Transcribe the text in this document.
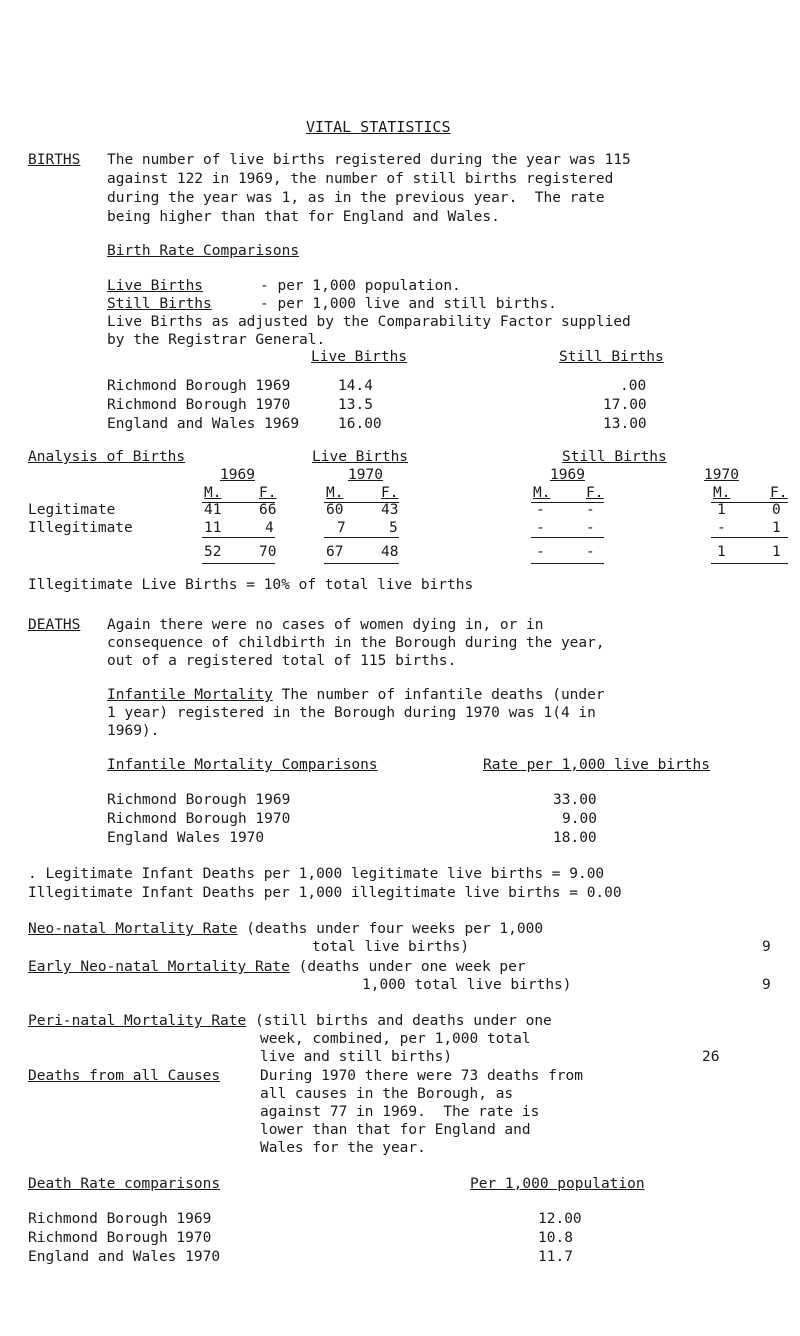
VITAL STATISTICS
BIRTHS The number of live births registered during the year was 115
against 122 in 1969, the number of still births registered
during the year was 1, as in the previous year.  The rate
being higher than that for England and Wales.
Birth Rate Comparisons
Live Births	- per 1,000 population.
Still Births	- per 1,000 live and still births.
Live Births as adjusted by the Comparability Factor supplied
by the Registrar General.
Live Births	Still Births
Richmond Borough 1969	14.4	.00
Richmond Borough 1970	13.5	17.00
England and Wales 1969	16.00	13.00
Analysis of Births	Live Births	Still Births
1969	1970	1969	1970
M.	F.	M.	F.	M. F.	M.	F.
Legitimate	41	66	60	43	-	-	1	0
Illegitimate	11	4	7	5	-	-	-	1
52	70	67	48	-	-	1	1
Illegitimate Live Births = 10% of total live births
DEATHS Again there were no cases of women dying in, or in
consequence of childbirth in the Borough during the year,
out of a registered total of 115 births.
Infantile Mortality The number of infantile deaths (under
1 year) registered in the Borough during 1970 was 1(4 in
1969).
Infantile Mortality Comparisons	Rate per 1,000 live births
Richmond Borough 1969	33.00
Richmond Borough 1970	9.00
England Wales 1970	18.00
. Legitimate Infant Deaths per 1,000 legitimate live births = 9.00
Illegitimate Infant Deaths per 1,000 illegitimate live births = 0.00
Neo-natal Mortality Rate (deaths under four weeks per 1,000
total live births)	9
Early Neo-natal Mortality Rate (deaths under one week per
1,000 total live births)	9
Peri-natal Mortality Rate (still births and deaths under one
week, combined, per 1,000 total
live and still births)	26
Deaths from all Causes	During 1970 there were 73 deaths from
all causes in the Borough, as
against 77 in 1969.  The rate is
lower than that for England and
Wales for the year.
Death Rate comparisons	Per 1,000 population
Richmond Borough 1969	12.00
Richmond Borough 1970	10.8
England and Wales 1970	11.7
